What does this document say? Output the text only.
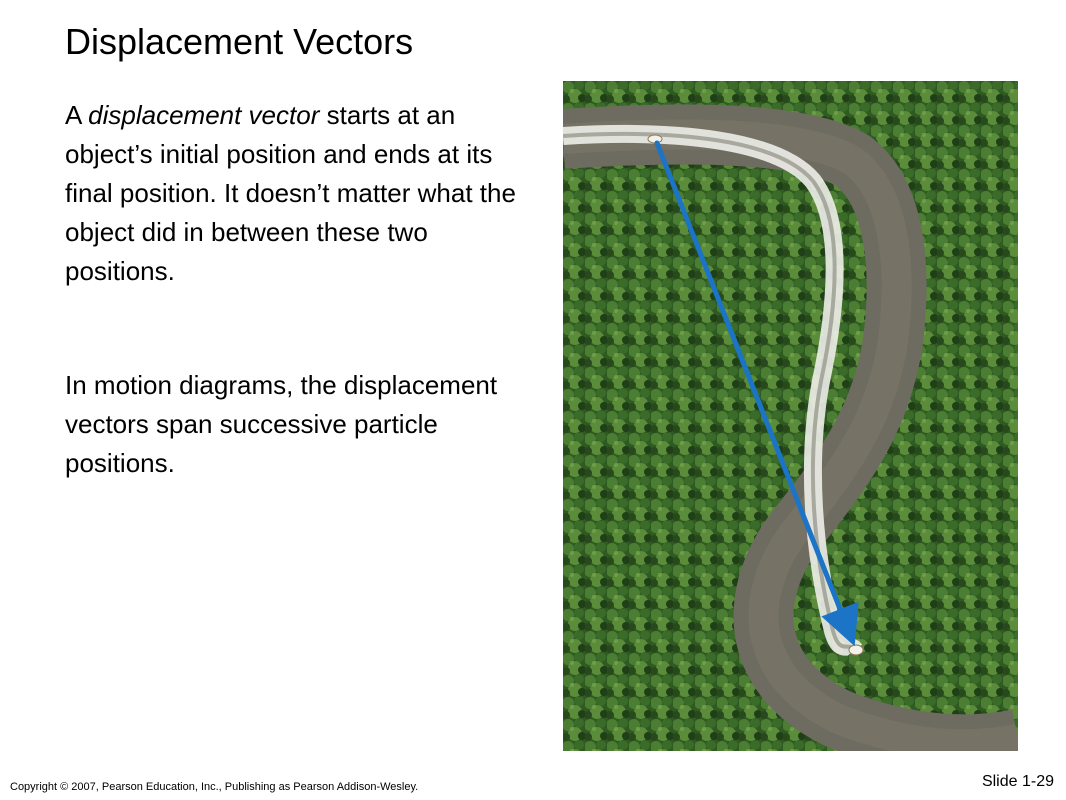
Displacement Vectors
A displacement vector starts at an object’s initial position and ends at its final position. It doesn’t matter what the object did in between these two positions.
In motion diagrams, the displacement vectors span successive particle positions.
Copyright © 2007, Pearson Education, Inc., Publishing as Pearson Addison-Wesley.	Slide 1-29
